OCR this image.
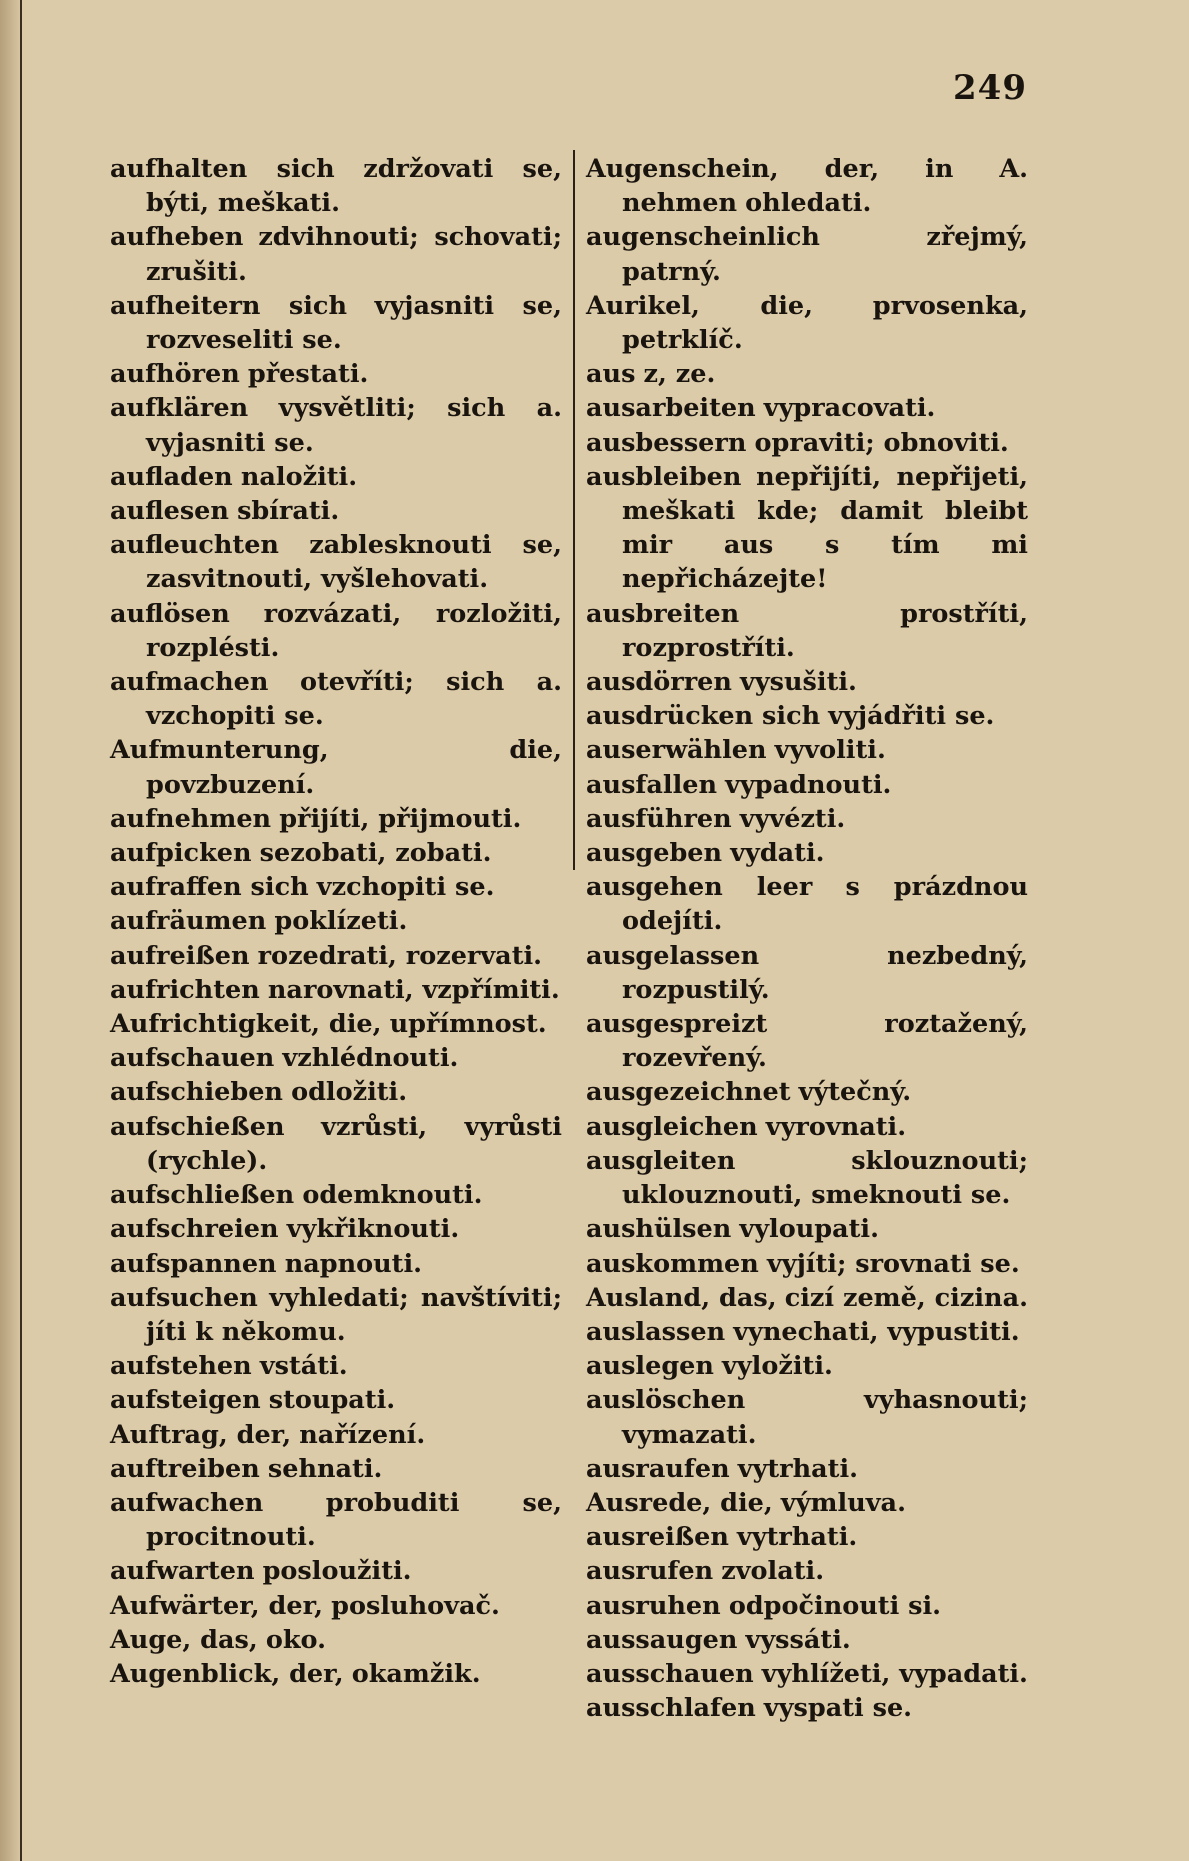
249

aufhalten sich zdržovati se, býti, meškati.

aufheben zdvihnouti; schovati; zrušiti.

aufheitern sich vyjasniti se, rozveseliti se.

aufhören přestati.

aufklären vysvětliti; sich a. vyjasniti se.

aufladen naložiti.

auflesen sbírati.

aufleuchten zablesknouti se, zasvitnouti, vyšlehovati.

auflösen rozvázati, rozložiti, rozplésti.

aufmachen otevříti; sich a. vzchopiti se.

Aufmunterung, die, povzbuzení.

aufnehmen přijíti, přijmouti.

aufpicken sezobati, zobati.

aufraffen sich vzchopiti se.

aufräumen poklízeti.

aufreißen rozedrati, rozervati.

aufrichten narovnati, vzpřímiti.

Aufrichtigkeit, die, upřímnost.

aufschauen vzhlédnouti.

aufschieben odložiti.

aufschießen vzrůsti, vyrůsti (rychle).

aufschließen odemknouti.

aufschreien vykřiknouti.

aufspannen napnouti.

aufsuchen vyhledati; navštíviti; jíti k někomu.

aufstehen vstáti.

aufsteigen stoupati.

Auftrag, der, nařízení.

auftreiben sehnati.

aufwachen probuditi se, procitnouti.

aufwarten posloužiti.

Aufwärter, der, posluhovač.

Auge, das, oko.

Augenblick, der, okamžik.

Augenschein, der, in A. nehmen ohledati.

augenscheinlich	zřejmý, patrný.

Aurikel, die, prvosenka, petrklíč.

aus z, ze.

ausarbeiten vypracovati.

ausbessern opraviti; obnoviti.

ausbleiben nepřijíti, nepřijeti, meškati kde; damit bleibt mir aus s tím mi nepřicházejte!

ausbreiten	prostříti, rozprostříti.

ausdörren vysušiti.

ausdrücken sich vyjádřiti se.

auserwählen vyvoliti.

ausfallen vypadnouti.

ausführen vyvézti.

ausgeben vydati.

ausgehen leer s prázdnou odejíti.

ausgelassen	nezbedný, rozpustilý.

ausgespreizt	roztažený, rozevřený.

ausgezeichnet výtečný.

ausgleichen vyrovnati.

ausgleiten	sklouznouti; uklouznouti, smeknouti se.

aushülsen vyloupati.

auskommen vyjíti; srovnati se.

Ausland, das, cizí země, cizina.

auslassen vynechati, vypustiti.

auslegen vyložiti.

auslöschen	vyhasnouti; vymazati.

ausraufen vytrhati.

Ausrede, die, výmluva.

ausreißen vytrhati.

ausrufen zvolati.

ausruhen odpočinouti si.

aussaugen vyssáti.

ausschauen vyhlížeti, vypadati.

ausschlafen vyspati se.
